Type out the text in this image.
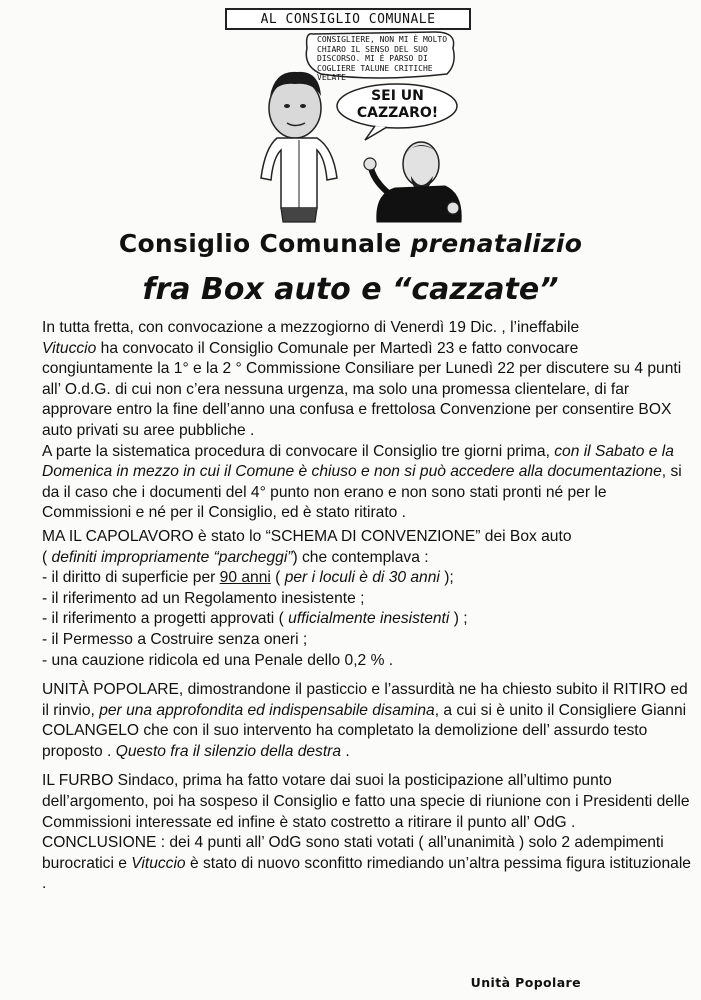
AL CONSIGLIO COMUNALE
CONSIGLIERE, NON MI È MOLTO CHIARO IL SENSO DEL SUO DISCORSO. MI È PARSO DI COGLIERE TALUNE CRITICHE VELATE
SEI UN CAZZARO!
Consiglio Comunale prenatalizio
fra Box auto e “cazzate”

In tutta fretta, con convocazione a mezzogiorno di Venerdì 19 Dic. , l’ineffabile
Vituccio ha convocato il Consiglio Comunale per Martedì 23 e fatto convocare congiuntamente la 1° e la 2 ° Commissione Consiliare per Lunedì 22 per discutere su 4 punti all’ O.d.G. di cui non c’era nessuna urgenza, ma solo una promessa clientelare, di far approvare entro la fine dell’anno una confusa e frettolosa Convenzione per consentire BOX auto privati su aree pubbliche .

A parte la sistematica procedura di convocare il Consiglio tre giorni prima, con il Sabato e la Domenica in mezzo in cui il Comune è chiuso e non si può accedere alla documentazione, si da il caso che i documenti del 4° punto non erano e non sono stati pronti né per le Commissioni e né per il Consiglio, ed è stato ritirato .

MA IL CAPOLAVORO è stato lo “SCHEMA DI CONVENZIONE” dei Box auto
( definiti impropriamente “parcheggi”) che contemplava :

- il diritto di superficie per 90 anni ( per i loculi è di 30 anni );

- il riferimento ad un Regolamento inesistente ;

- il riferimento a progetti approvati ( ufficialmente inesistenti ) ;

- il Permesso a Costruire senza oneri ;

- una cauzione ridicola ed una Penale dello 0,2 % .

UNITÀ POPOLARE, dimostrandone il pasticcio e l’assurdità ne ha chiesto subito il RITIRO ed il rinvio, per una approfondita ed indispensabile disamina, a cui si è unito il Consigliere Gianni COLANGELO che con il suo intervento ha completato la demolizione dell’ assurdo testo proposto . Questo fra il silenzio della destra .

IL FURBO Sindaco, prima ha fatto votare dai suoi la posticipazione all’ultimo punto dell’argomento, poi ha sospeso il Consiglio e fatto una specie di riunione con i Presidenti delle Commissioni interessate ed infine è stato costretto a ritirare il punto all’ OdG .

CONCLUSIONE : dei 4 punti all’ OdG sono stati votati ( all’unanimità ) solo 2 adempimenti burocratici e Vituccio è stato di nuovo sconfitto rimediando un’altra pessima figura istituzionale .

Unità Popolare
